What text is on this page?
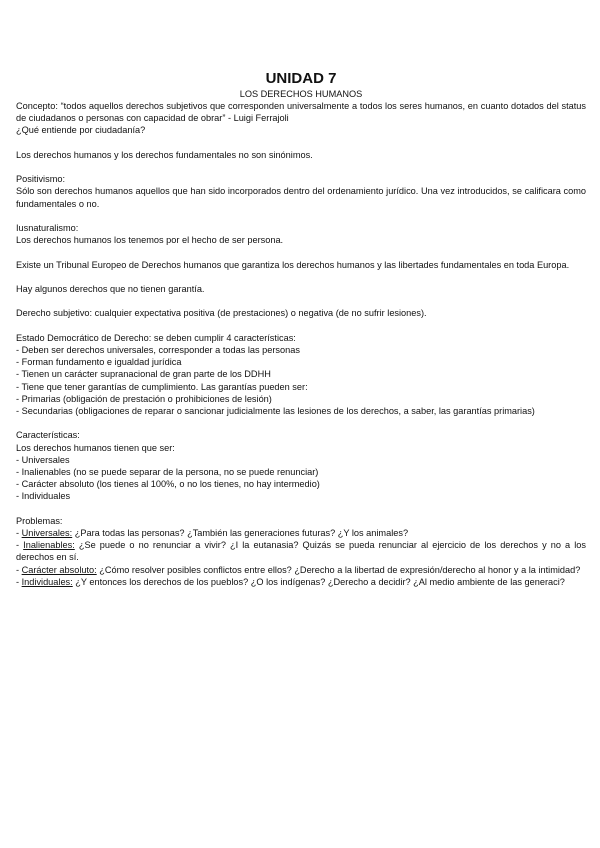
UNIDAD 7

LOS DERECHOS HUMANOS

Concepto: “todos aquellos derechos subjetivos que corresponden universalmente a todos los seres humanos, en cuanto dotados del status de ciudadanos o personas con capacidad de obrar” - Luigi Ferrajoli

¿Qué entiende por ciudadanía?

Los derechos humanos y los derechos fundamentales no son sinónimos.

Positivismo:

Sólo son derechos humanos aquellos que han sido incorporados dentro del ordenamiento jurídico. Una vez introducidos, se calificara como fundamentales o no.

Iusnaturalismo:

Los derechos humanos los tenemos por el hecho de ser persona.

Existe un Tribunal Europeo de Derechos humanos que garantiza los derechos humanos y las libertades fundamentales en toda Europa.

Hay algunos derechos que no tienen garantía.

Derecho subjetivo: cualquier expectativa positiva (de prestaciones) o negativa (de no sufrir lesiones).

Estado Democrático de Derecho: se deben cumplir 4 características:

- Deben ser derechos universales, corresponder a todas las personas
- Forman fundamento e igualdad jurídica
- Tienen un carácter supranacional de gran parte de los DDHH
- Tiene que tener garantías de cumplimiento. Las garantías pueden ser:
- Primarias (obligación de prestación o prohibiciones de lesión)
- Secundarias (obligaciones de reparar o sancionar judicialmente las lesiones de los derechos, a saber, las garantías primarias)

Características:

Los derechos humanos tienen que ser:

- Universales
- Inalienables (no se puede separar de la persona, no se puede renunciar)
- Carácter absoluto (los tienes al 100%, o no los tienes, no hay intermedio)
- Individuales

Problemas:

- Universales: ¿Para todas las personas? ¿También las generaciones futuras? ¿Y los animales?
- Inalienables: ¿Se puede o no renunciar a vivir? ¿I la eutanasia? Quizás se pueda renunciar al ejercicio de los derechos y no a los derechos en sí.
- Carácter absoluto: ¿Cómo resolver posibles conflictos entre ellos? ¿Derecho a la libertad de expresión/derecho al honor y a la intimidad?
- Individuales: ¿Y entonces los derechos de los pueblos? ¿O los indígenas? ¿Derecho a decidir? ¿Al medio ambiente de las generaci?
